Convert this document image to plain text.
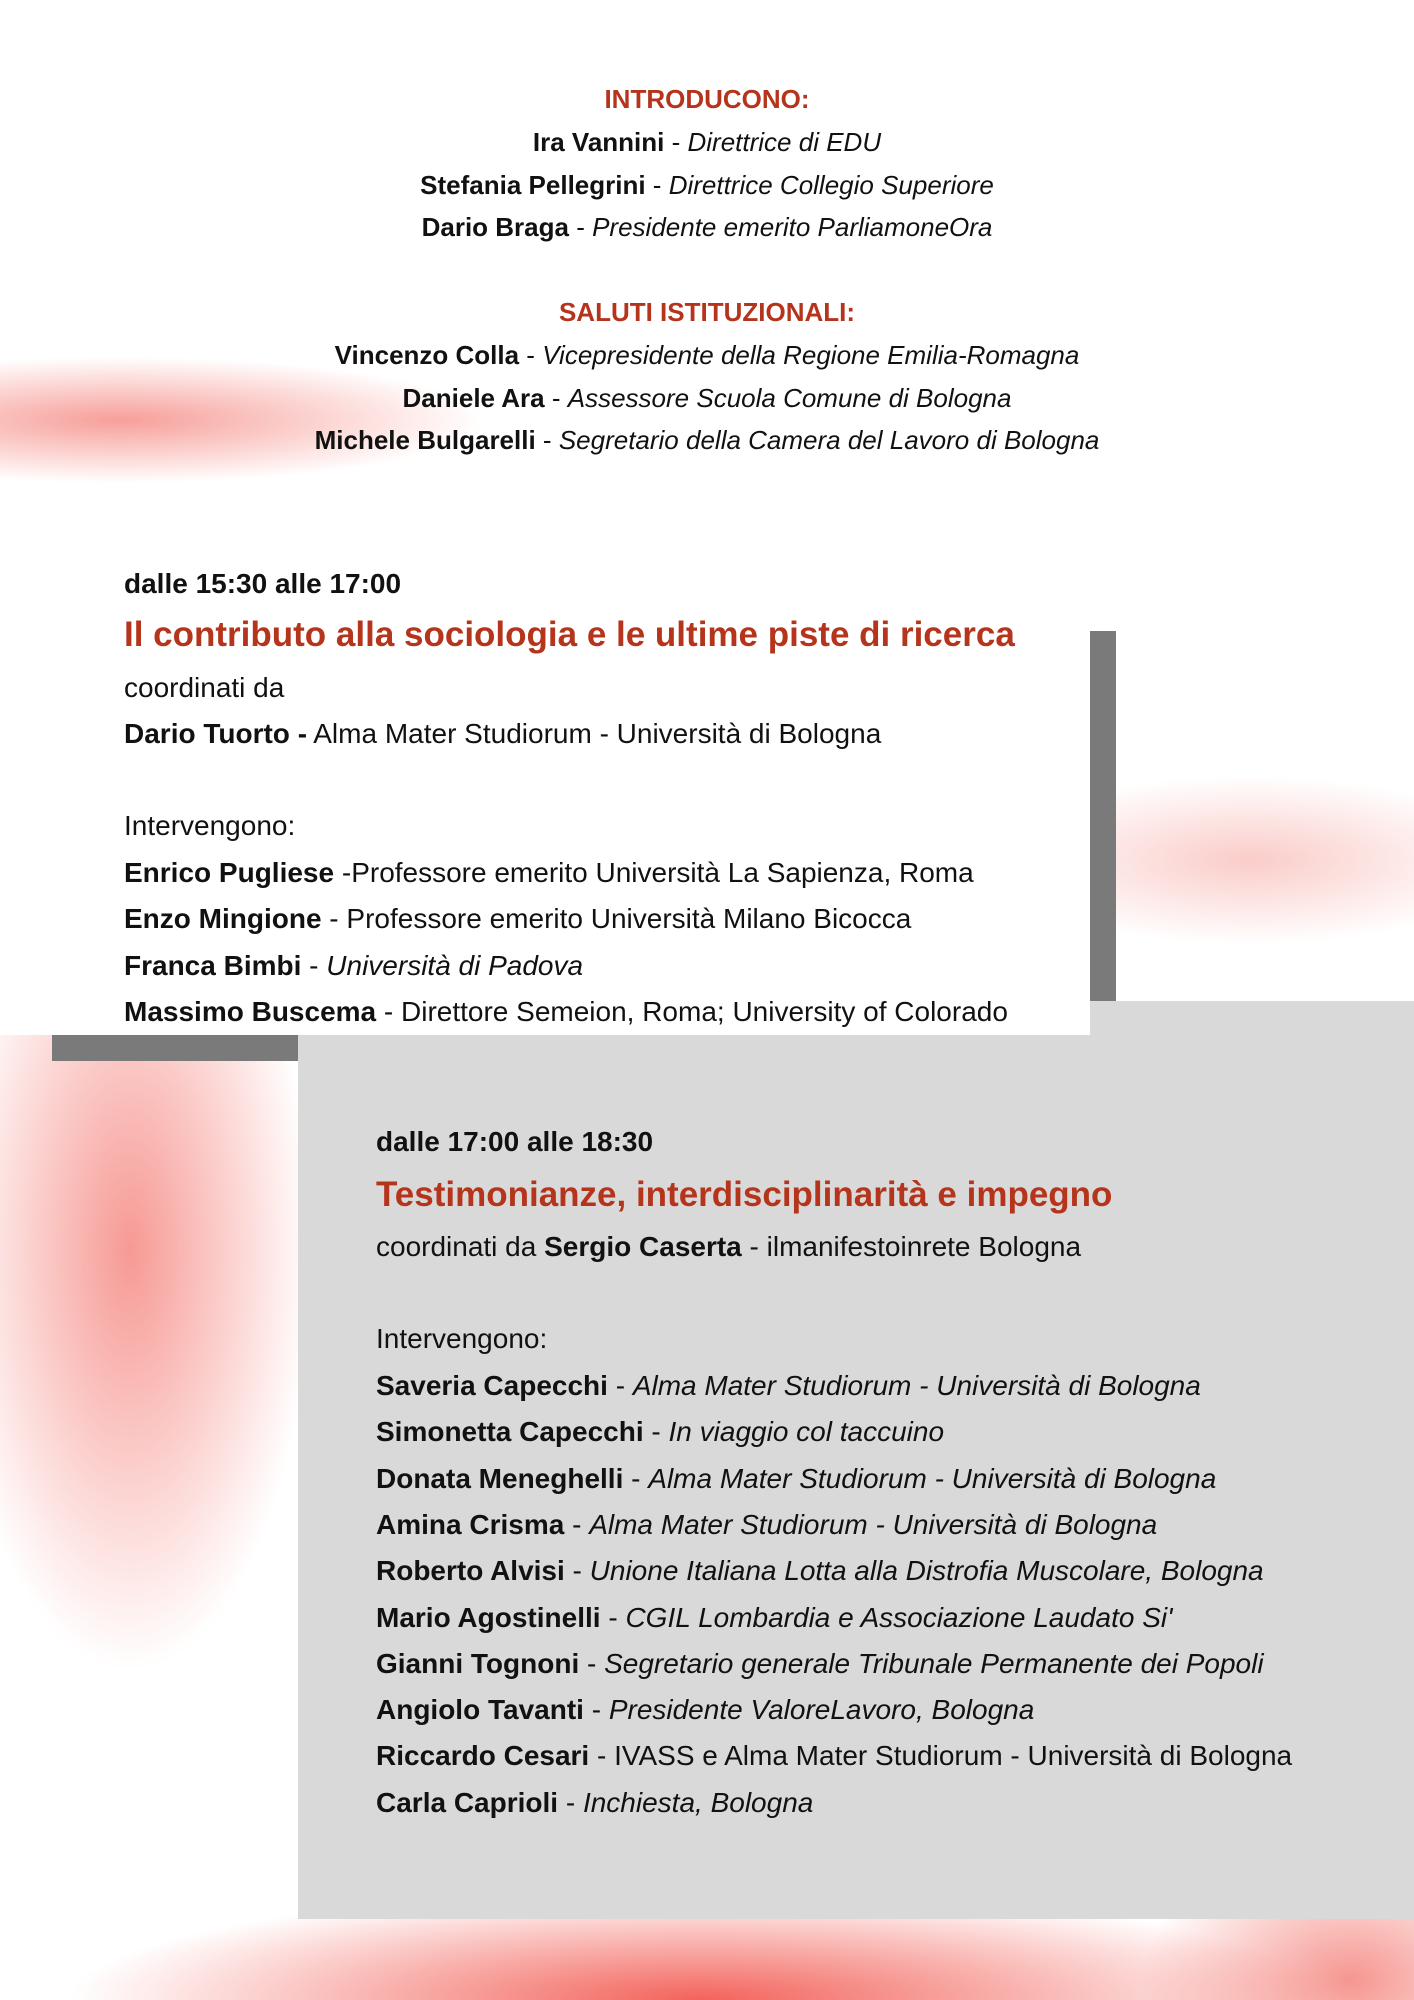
INTRODUCONO:
Ira Vannini - Direttrice di EDU
Stefania Pellegrini - Direttrice Collegio Superiore
Dario Braga - Presidente emerito ParliamoneOra
SALUTI ISTITUZIONALI:
Vincenzo Colla - Vicepresidente della Regione Emilia-Romagna
Daniele Ara - Assessore Scuola Comune di Bologna
Michele Bulgarelli - Segretario della Camera del Lavoro di Bologna
dalle 15:30 alle 17:00
Il contributo alla sociologia e le ultime piste di ricerca
coordinati da
Dario Tuorto - Alma Mater Studiorum - Università di Bologna
Intervengono:
Enrico Pugliese -Professore emerito Università La Sapienza, Roma
Enzo Mingione - Professore emerito Università Milano Bicocca
Franca Bimbi - Università di Padova
Massimo Buscema - Direttore Semeion, Roma; University of Colorado
dalle 17:00 alle 18:30
Testimonianze, interdisciplinarità e impegno
coordinati da Sergio Caserta - ilmanifestoinrete Bologna
Intervengono:
Saveria Capecchi - Alma Mater Studiorum - Università di Bologna
Simonetta Capecchi - In viaggio col taccuino
Donata Meneghelli - Alma Mater Studiorum - Università di Bologna
Amina Crisma - Alma Mater Studiorum - Università di Bologna
Roberto Alvisi - Unione Italiana Lotta alla Distrofia Muscolare, Bologna
Mario Agostinelli - CGIL Lombardia e Associazione Laudato Si'
Gianni Tognoni - Segretario generale Tribunale Permanente dei Popoli
Angiolo Tavanti - Presidente ValoreLavoro, Bologna
Riccardo Cesari - IVASS e Alma Mater Studiorum - Università di Bologna
Carla Caprioli - Inchiesta, Bologna
